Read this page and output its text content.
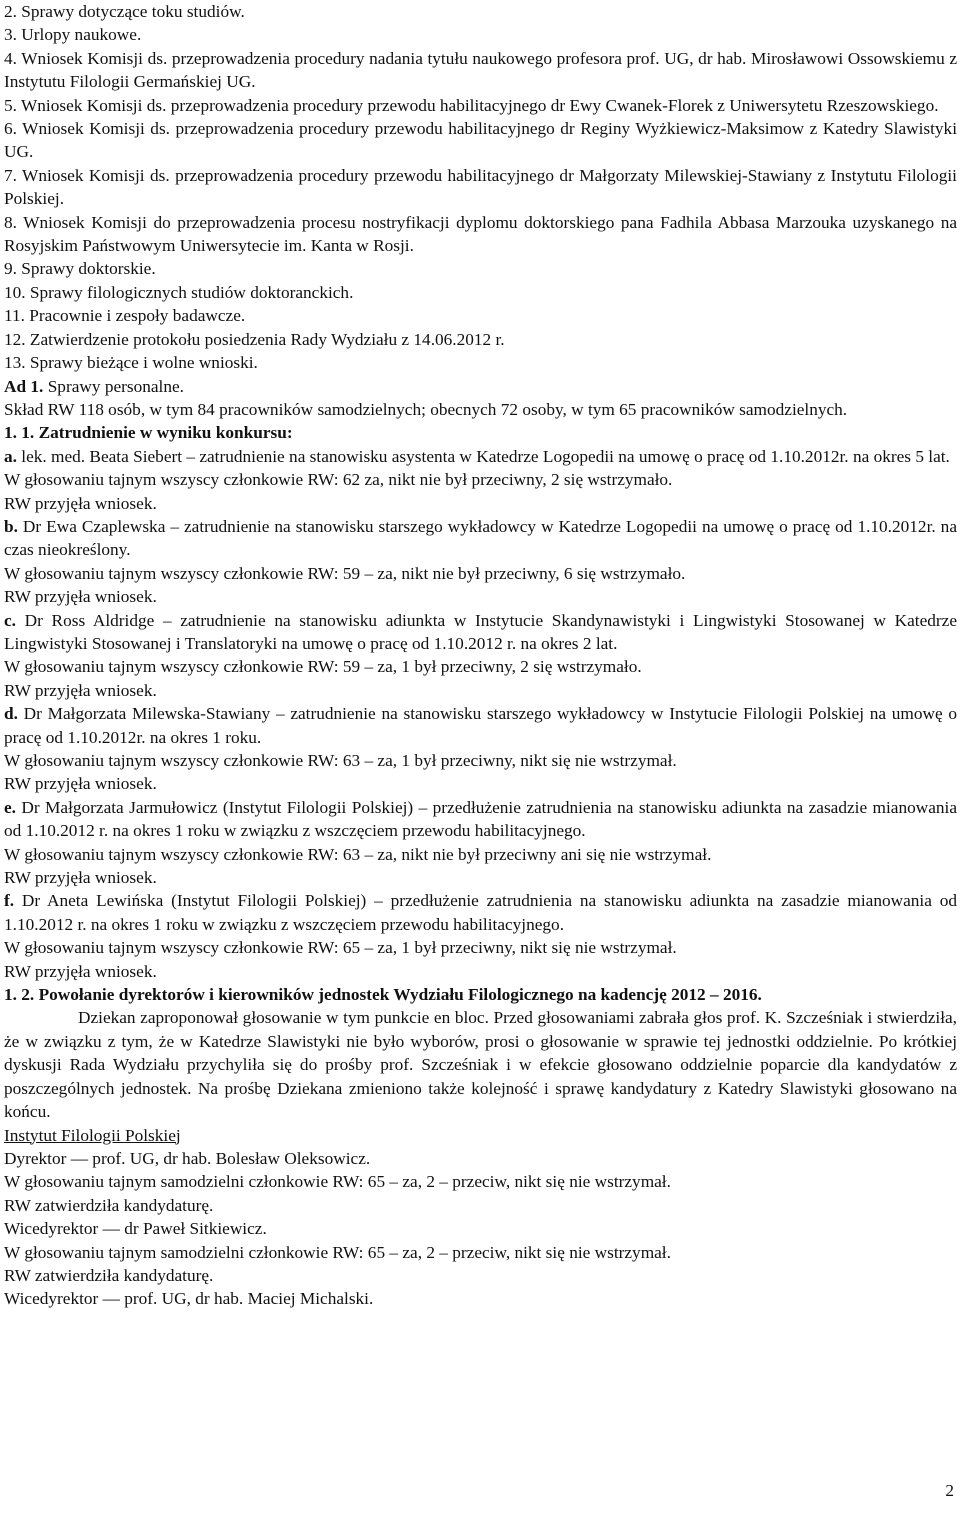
2. Sprawy dotyczące toku studiów.

3. Urlopy naukowe.

4. Wniosek Komisji ds. przeprowadzenia procedury nadania tytułu naukowego profesora prof. UG, dr hab. Mirosławowi Ossowskiemu z Instytutu Filologii Germańskiej UG.

5. Wniosek Komisji ds. przeprowadzenia procedury przewodu habilitacyjnego dr Ewy Cwanek-Florek z Uniwersytetu Rzeszowskiego.

6. Wniosek Komisji ds. przeprowadzenia procedury przewodu habilitacyjnego dr Reginy Wyżkiewicz-Maksimow z Katedry Slawistyki UG.

7. Wniosek Komisji ds. przeprowadzenia procedury przewodu habilitacyjnego dr Małgorzaty Milewskiej-Stawiany z Instytutu Filologii Polskiej.

8. Wniosek Komisji do przeprowadzenia procesu nostryfikacji dyplomu doktorskiego pana Fadhila Abbasa Marzouka uzyskanego na Rosyjskim Państwowym Uniwersytecie im. Kanta w Rosji.

9. Sprawy doktorskie.

10. Sprawy filologicznych studiów doktoranckich.

11. Pracownie i zespoły badawcze.

12. Zatwierdzenie protokołu posiedzenia Rady Wydziału z 14.06.2012 r.

13. Sprawy bieżące i wolne wnioski.

Ad 1. Sprawy personalne.

Skład RW 118 osób, w tym 84 pracowników samodzielnych; obecnych 72 osoby, w tym 65 pracowników samodzielnych.

1. 1. Zatrudnienie w wyniku konkursu:

a. lek. med. Beata Siebert – zatrudnienie na stanowisku asystenta w Katedrze Logopedii na umowę o pracę od 1.10.2012r. na okres 5 lat.

W głosowaniu tajnym wszyscy członkowie RW: 62 za, nikt nie był przeciwny, 2 się wstrzymało.

RW przyjęła wniosek.

b. Dr Ewa Czaplewska – zatrudnienie na stanowisku starszego wykładowcy w Katedrze Logopedii na umowę o pracę od 1.10.2012r. na czas nieokreślony.

W głosowaniu tajnym wszyscy członkowie RW: 59 – za, nikt nie był przeciwny, 6 się wstrzymało.

RW przyjęła wniosek.

c. Dr Ross Aldridge – zatrudnienie na stanowisku adiunkta w Instytucie Skandynawistyki i Lingwistyki Stosowanej w Katedrze Lingwistyki Stosowanej i Translatoryki na umowę o pracę od 1.10.2012 r. na okres 2 lat.

W głosowaniu tajnym wszyscy członkowie RW: 59 – za, 1 był przeciwny, 2 się wstrzymało.

RW przyjęła wniosek.

d. Dr Małgorzata Milewska-Stawiany – zatrudnienie na stanowisku starszego wykładowcy w Instytucie Filologii Polskiej na umowę o pracę od 1.10.2012r. na okres 1 roku.

W głosowaniu tajnym wszyscy członkowie RW: 63 – za, 1 był przeciwny, nikt się nie wstrzymał.

RW przyjęła wniosek.

e. Dr Małgorzata Jarmułowicz (Instytut Filologii Polskiej) – przedłużenie zatrudnienia na stanowisku adiunkta na zasadzie mianowania od 1.10.2012 r. na okres 1 roku w związku z wszczęciem przewodu habilitacyjnego.

W głosowaniu tajnym wszyscy członkowie RW: 63 – za, nikt nie był przeciwny ani się nie wstrzymał.

RW przyjęła wniosek.

f. Dr Aneta Lewińska (Instytut Filologii Polskiej) – przedłużenie zatrudnienia na stanowisku adiunkta na zasadzie mianowania od 1.10.2012 r. na okres 1 roku w związku z wszczęciem przewodu habilitacyjnego.

W głosowaniu tajnym wszyscy członkowie RW: 65 – za, 1 był przeciwny, nikt się nie wstrzymał.

RW przyjęła wniosek.

1. 2. Powołanie dyrektorów i kierowników jednostek Wydziału Filologicznego na kadencję 2012 – 2016.

Dziekan zaproponował głosowanie w tym punkcie en bloc. Przed głosowaniami zabrała głos prof. K. Szcześniak i stwierdziła, że w związku z tym, że w Katedrze Slawistyki nie było wyborów, prosi o głosowanie w sprawie tej jednostki oddzielnie. Po krótkiej dyskusji Rada Wydziału przychyliła się do prośby prof. Szcześniak i w efekcie głosowano oddzielnie poparcie dla kandydatów z poszczególnych jednostek. Na prośbę Dziekana zmieniono także kolejność i sprawę kandydatury z Katedry Slawistyki głosowano na końcu.

Instytut Filologii Polskiej

Dyrektor — prof. UG, dr hab. Bolesław Oleksowicz.

W głosowaniu tajnym samodzielni członkowie RW: 65 – za, 2 – przeciw, nikt się nie wstrzymał.

RW zatwierdziła kandydaturę.

Wicedyrektor — dr Paweł Sitkiewicz.

W głosowaniu tajnym samodzielni członkowie RW: 65 – za, 2 – przeciw, nikt się nie wstrzymał.

RW zatwierdziła kandydaturę.

Wicedyrektor — prof. UG, dr hab. Maciej Michalski.

2
